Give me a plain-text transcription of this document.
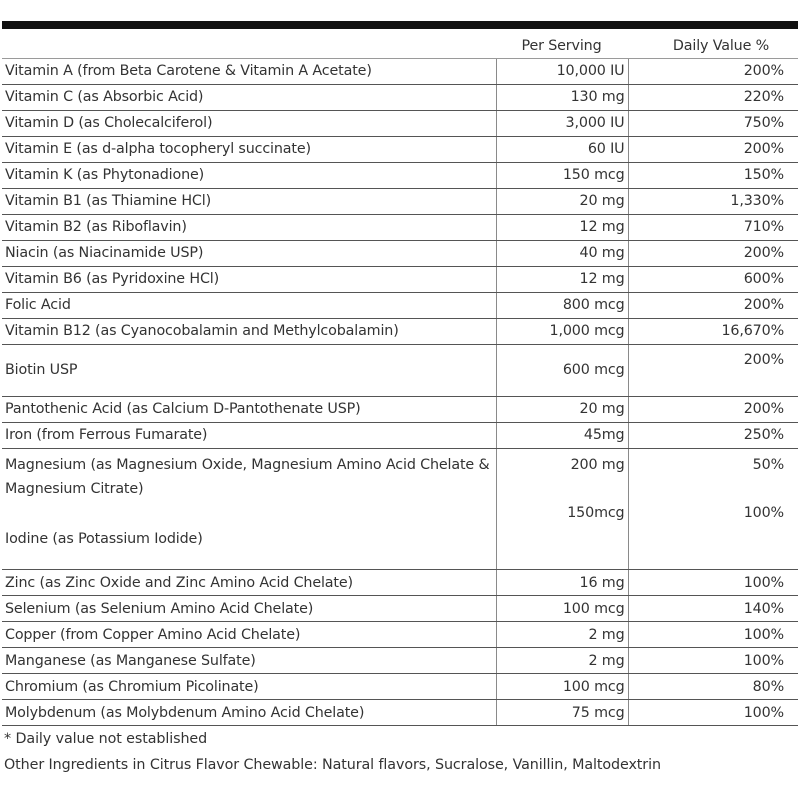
	Per Serving	Daily Value %
Vitamin A (from Beta Carotene & Vitamin A Acetate)	10,000 IU	200%
Vitamin C (as Absorbic Acid)	130 mg	220%
Vitamin D (as Cholecalciferol)	3,000 IU	750%
Vitamin E (as d-alpha tocopheryl succinate)	60 IU	200%
Vitamin K (as Phytonadione)	150 mcg	150%
Vitamin B1 (as Thiamine HCl)	20 mg	1,330%
Vitamin B2 (as Riboflavin)	12 mg	710%
Niacin (as Niacinamide USP)	40 mg	200%
Vitamin B6 (as Pyridoxine HCl)	12 mg	600%
Folic Acid	800 mcg	200%
Vitamin B12 (as Cyanocobalamin and Methylcobalamin)	1,000 mcg	16,670%
Biotin USP	600 mcg	200%
Pantothenic Acid (as Calcium D-Pantothenate USP)	20 mg	200%
Iron (from Ferrous Fumarate)	45mg	250%
Magnesium (as Magnesium Oxide, Magnesium Amino Acid Chelate & Magnesium Citrate)	200 mg	50%
Iodine (as Potassium Iodide)	150mcg	100%
Zinc (as Zinc Oxide and Zinc Amino Acid Chelate)	16 mg	100%
Selenium (as Selenium Amino Acid Chelate)	100 mcg	140%
Copper (from Copper Amino Acid Chelate)	2 mg	100%
Manganese (as Manganese Sulfate)	2 mg	100%
Chromium (as Chromium Picolinate)	100 mcg	80%
Molybdenum (as Molybdenum Amino Acid Chelate)	75 mcg	100%
* Daily value not established
Other Ingredients in Citrus Flavor Chewable: Natural flavors, Sucralose, Vanillin, Maltodextrin
